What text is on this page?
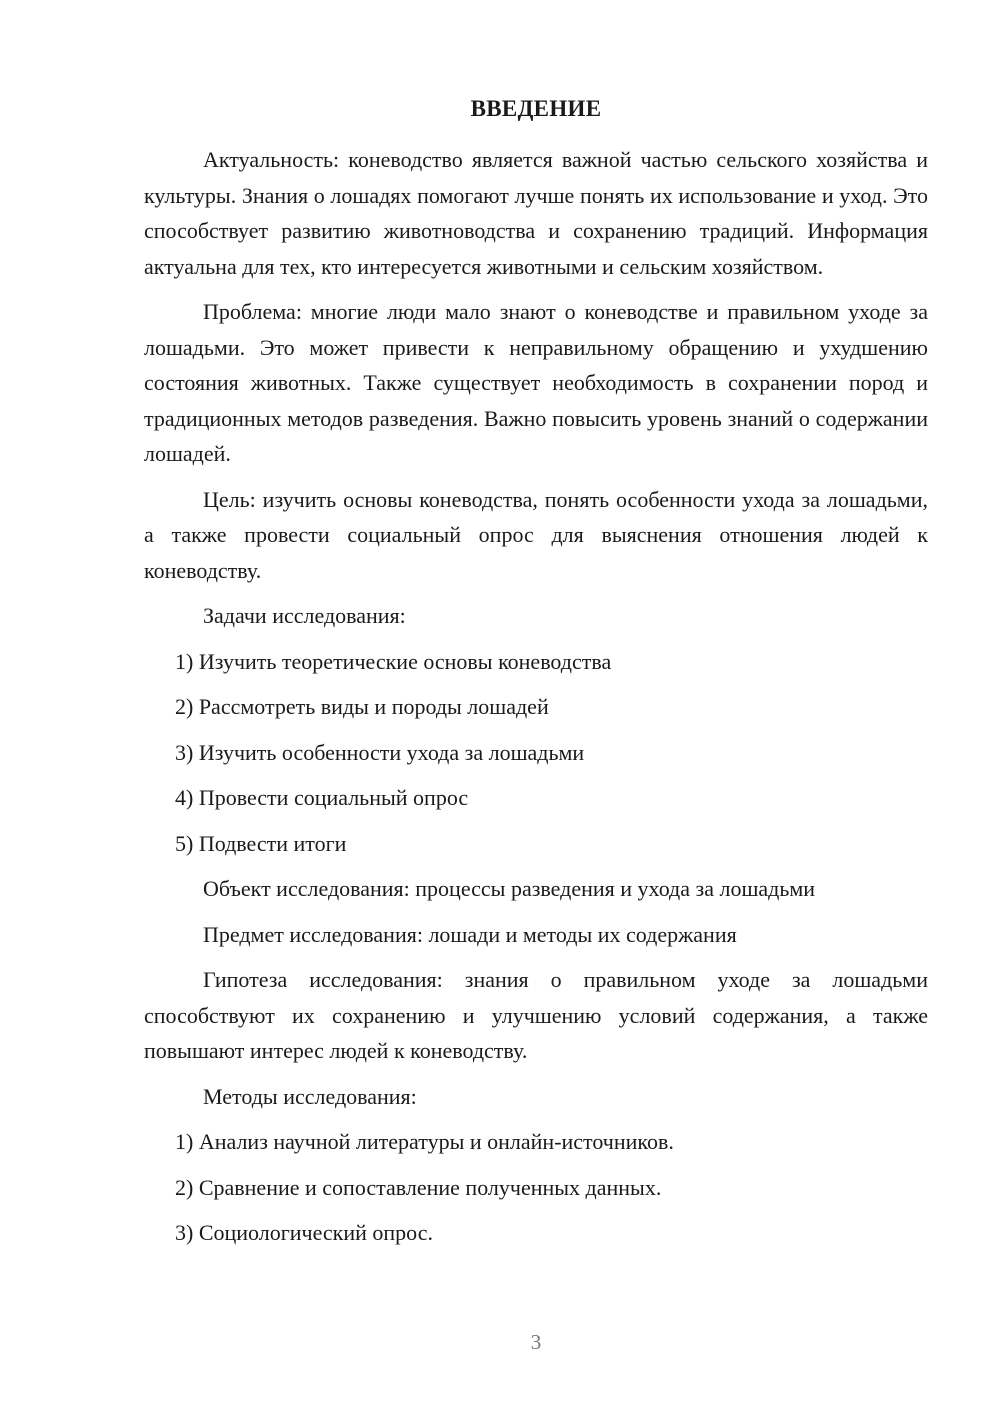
ВВЕДЕНИЕ

Актуальность: коневодство является важной частью сельского хозяйства и культуры. Знания о лошадях помогают лучше понять их использование и уход. Это способствует развитию животноводства и сохранению традиций. Информация актуальна для тех, кто интересуется животными и сельским хозяйством.

Проблема: многие люди мало знают о коневодстве и правильном уходе за лошадьми. Это может привести к неправильному обращению и ухудшению состояния животных. Также существует необходимость в сохранении пород и традиционных методов разведения. Важно повысить уровень знаний о содержании лошадей.

Цель: изучить основы коневодства, понять особенности ухода за лошадьми, а также провести социальный опрос для выяснения отношения людей к коневодству.

Задачи исследования:

1) Изучить теоретические основы коневодства

2) Рассмотреть виды и породы лошадей

3) Изучить особенности ухода за лошадьми

4) Провести социальный опрос

5) Подвести итоги

Объект исследования: процессы разведения и ухода за лошадьми

Предмет исследования: лошади и методы их содержания

Гипотеза исследования: знания о правильном уходе за лошадьми способствуют их сохранению и улучшению условий содержания, а также повышают интерес людей к коневодству.

Методы исследования:

1) Анализ научной литературы и онлайн-источников.

2) Сравнение и сопоставление полученных данных.

3) Социологический опрос.

3
